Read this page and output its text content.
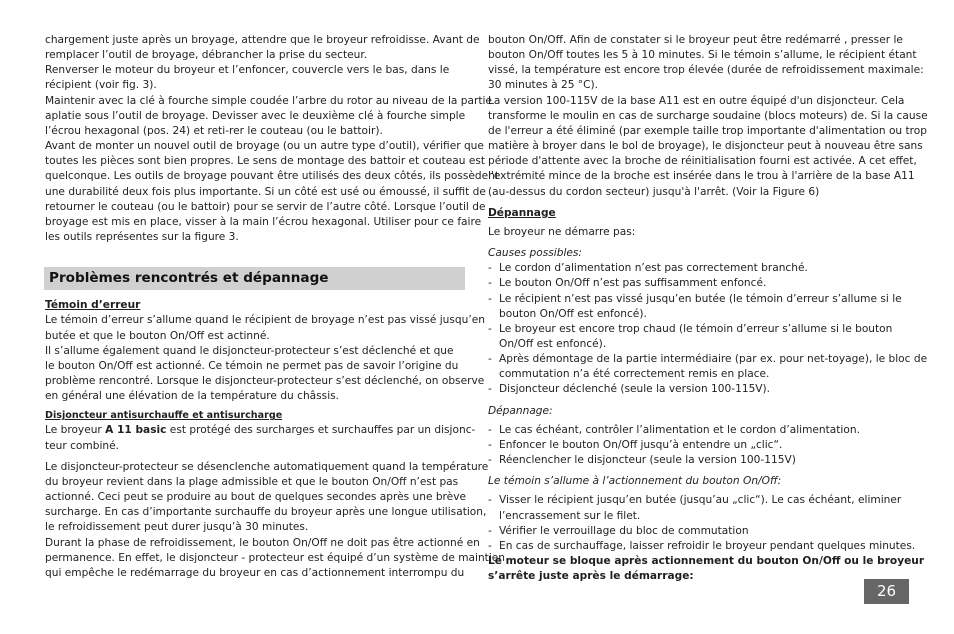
chargement juste après un broyage, attendre que le broyeur refroidisse. Avant de
remplacer l’outil de broyage, débrancher la prise du secteur.
Renverser le moteur du broyeur et l’enfoncer, couvercle vers le bas, dans le
récipient (voir fig. 3).
Maintenir avec la clé à fourche simple coudée l’arbre du rotor au niveau de la partie
aplatie sous l’outil de broyage. Devisser avec le deuxième clé à fourche simple
l’écrou hexagonal (pos. 24) et reti-rer le couteau (ou le battoir).
Avant de monter un nouvel outil de broyage (ou un autre type d’outil), vérifier que
toutes les pièces sont bien propres. Le sens de montage des battoir et couteau est
quelconque. Les outils de broyage pouvant être utilisés des deux côtés, ils possèdent
une durabilité deux fois plus importante. Si un côté est usé ou émoussé, il suffit de
retourner le couteau (ou le battoir) pour se servir de l’autre côté. Lorsque l’outil de
broyage est mis en place, visser à la main l’écrou hexagonal. Utiliser pour ce faire
les outils représentes sur la figure 3.
Problèmes rencontrés et dépannage
Témoin d’erreur
Le témoin d’erreur s’allume quand le récipient de broyage n’est pas vissé jusqu’en
butée et que le bouton On/Off est actinné.
Il s’allume également quand le disjoncteur-protecteur s’est déclenché et que
le bouton On/Off est actionné. Ce témoin ne permet pas de savoir l’origine du
problème rencontré. Lorsque le disjoncteur-protecteur s’est déclenché, on observe
en général une élévation de la température du châssis.
Disjoncteur antisurchauffe et antisurcharge
Le broyeur A 11 basic est protégé des surcharges et surchauffes par un disjonc-
teur combiné.
Le disjoncteur-protecteur se désenclenche automatiquement quand la température
du broyeur revient dans la plage admissible et que le bouton On/Off n’est pas
actionné. Ceci peut se produire au bout de quelques secondes après une brève
surcharge. En cas d’importante surchauffe du broyeur après une longue utilisation,
le refroidissement peut durer jusqu’à 30 minutes.
Durant la phase de refroidissement, le bouton On/Off ne doit pas être actionné en
permanence. En effet, le disjoncteur - protecteur est équipé d’un système de maintien
qui empêche le redémarrage du broyeur en cas d’actionnement interrompu du
bouton On/Off. Afin de constater si le broyeur peut être redémarré , presser le
bouton On/Off toutes les 5 à 10 minutes. Si le témoin s’allume, le récipient étant
vissé, la température est encore trop élevée (durée de refroidissement maximale:
30 minutes à 25 °C).
La version 100-115V de la base A11 est en outre équipé d'un disjoncteur. Cela
transforme le moulin en cas de surcharge soudaine (blocs moteurs) de. Si la cause
de l'erreur a été éliminé (par exemple taille trop importante d'alimentation ou trop
matière à broyer dans le bol de broyage), le disjoncteur peut à nouveau être sans
période d'attente avec la broche de réinitialisation fourni est activée. A cet effet,
l'extrémité mince de la broche est insérée dans le trou à l'arrière de la base A11
(au-dessus du cordon secteur) jusqu'à l'arrêt. (Voir la Figure 6)
Dépannage
Le broyeur ne démarre pas:
Causes possibles:
- Le cordon d’alimentation n’est pas correctement branché.
- Le bouton On/Off n’est pas suffisamment enfoncé.
- Le récipient n’est pas vissé jusqu’en butée (le témoin d’erreur s’allume si le
bouton On/Off est enfoncé).
- Le broyeur est encore trop chaud (le témoin d’erreur s’allume si le bouton
On/Off est enfoncé).
- Après démontage de la partie intermédiaire (par ex. pour net-toyage), le bloc de
commutation n’a été correctement remis en place.
- Disjoncteur déclenché (seule la version 100-115V).
Dépannage:
- Le cas échéant, contrôler l’alimentation et le cordon d’alimentation.
- Enfoncer le bouton On/Off jusqu’à entendre un „clic“.
- Réenclencher le disjoncteur (seule la version 100-115V)
Le témoin s’allume à l’actionnement du bouton On/Off:
- Visser le récipient jusqu’en butée (jusqu’au „clic“). Le cas échéant, eliminer
l’encrassement sur le filet.
- Vérifier le verrouillage du bloc de commutation
- En cas de surchauffage, laisser refroidir le broyeur pendant quelques minutes.
Le moteur se bloque après actionnement du bouton On/Off ou le broyeur
s’arrête juste après le démarrage:
26
